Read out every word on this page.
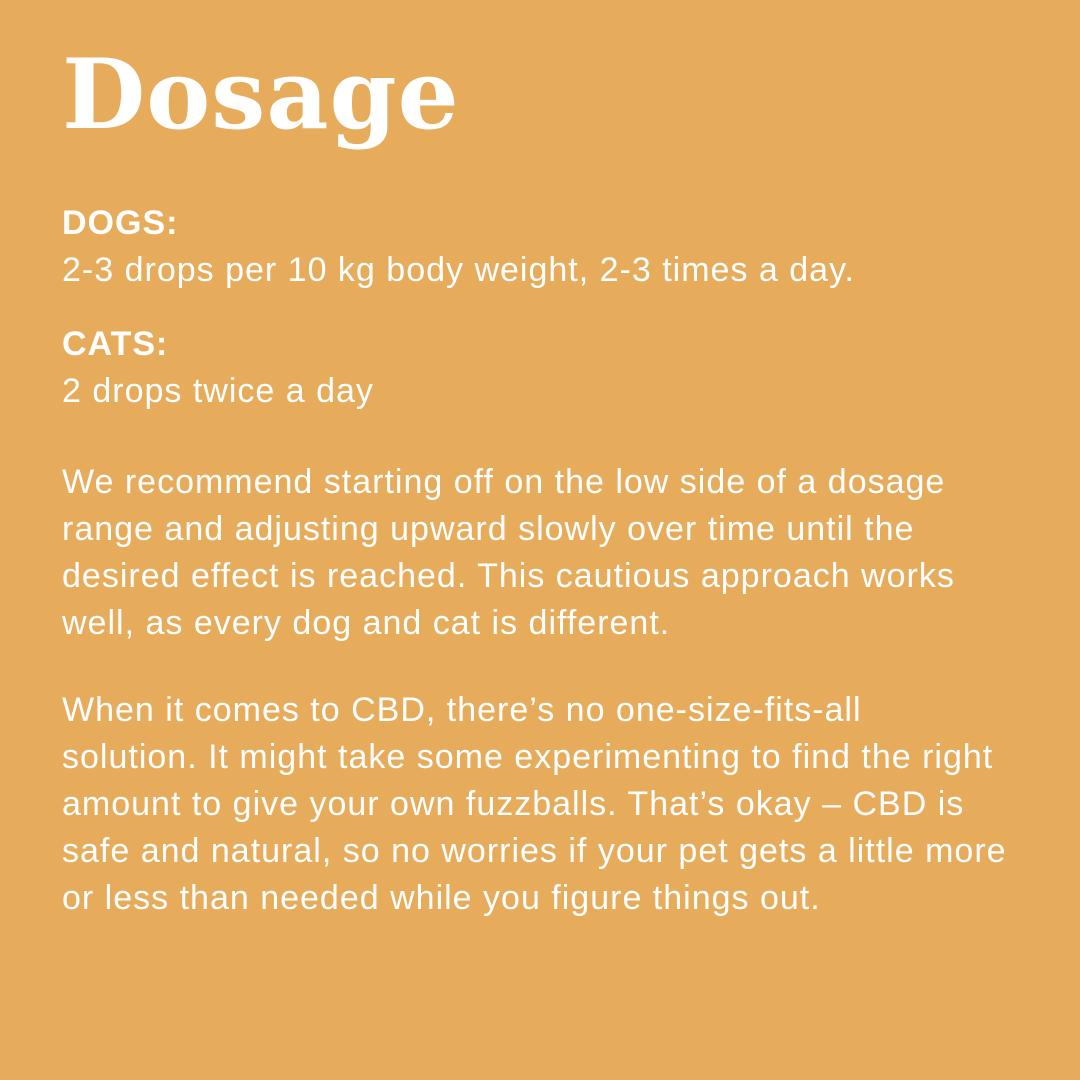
Dosage

DOGS:

2-3 drops per 10 kg body weight, 2-3 times a day.

CATS:

2 drops twice a day

We recommend starting off on the low side of a dosage range and adjusting upward slowly over time until the desired effect is reached. This cautious approach works well, as every dog and cat is different.

When it comes to CBD, there’s no one-size-fits-all solution. It might take some experimenting to find the right amount to give your own fuzzballs. That’s okay – CBD is safe and natural, so no worries if your pet gets a little more or less than needed while you figure things out.
